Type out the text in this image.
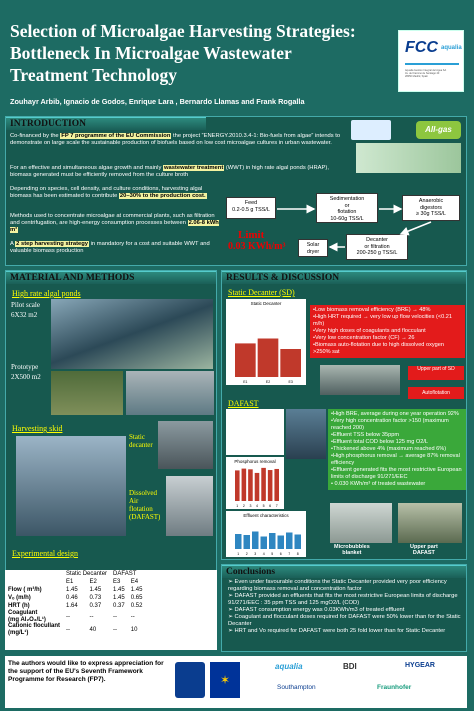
Selection of Microalgae Harvesting Strategies:
Bottleneck In Microalgae Wastewater
Treatment Technology
Zouhayr Arbib, Ignacio de Godos, Enrique Lara , Bernardo Llamas and Frank Rogalla
FCC aqualia
Aqualia Gestion Integral del Agua SA
Av. del Camino de Santiago 40
28050 Madrid, Spain
INTRODUCTION
Co-financed by the FP 7 programme of the EU Commission the project “ENERGY.2010.3.4-1: Bio-fuels from algae” intends to demonstrate on large scale the sustainable production of biofuels based on low cost microalgae cultures in urban wastewater.
For an effective and simultaneous algae growth and mainly wastewater treatment (WWT) in high rate algal ponds (HRAP), biomass generated must be efficiently removed from the culture broth
Depending on species, cell density, and culture conditions, harvesting algal biomass has been estimated to contribute 20–30% to the production cost.
Methods used to concentrate microalgae at commercial plants, such as filtration and centrifugation, are high-energy consumption processes between 2.06-8 kWh m³
A 2 step harvesting strategy in mandatory for a cost and suitable WWT and valuable biomass production
All-gas
Feed
0.2-0.5 g TSS/L
Sedimentation
or
flotation
10-60g TSS/L
Anaerobic
digestors
≥ 30g TSS/L
Decanter
or filtration
200-250 g TSS/L
Solar
dryer
Limit
0.03 KWh/m³
MATERIAL AND METHODS
High rate algal ponds
Pilot scale
6X32 m2
Prototype
2X500 m2
Harvesting skid
Static
decanter
Dissolved
Air
flotation
(DAFAST)
Experimental design
	Static Decanter		DAFAST	
	E1	E2	E3	E4
Flow ( m³/h)	1.45	1.45	1.45	1.45
Vₒ (m/h)	0.46	0.73	1.45	0.65
HRT (h)	1.64	0.37	0.37	0.52
Coagulant
(mg Al₂O₃/L¹)	--	--	--	--
Cationic flocullant
(mg/L¹)	--	40	--	10
RESULTS & DISCUSSION
Static Decanter (SD)
Static Decanter
E1	E2	E3
•Low biomass removal efficiency (BRE) → 48%
•High HRT required → very low up flow velocities (<0.21 m/h)
•Very high doses of coagulants and flocculant
•Very low concentration factor (CF) → 26
•Biomass auto-flotation due to high dissolved oxygen >250% sat
Upper part of SD
Autoflotation
DAFAST
Phosphorus removal
1 2 3 4 5 6 7
Effluent characteristics
1 2 3 4 5 6 7 8
•High BRE, average during one year operation 92%
•Very high concentration factor >150 (maximum reached 200)
•Effluent TSS below 35ppm
•Effluent total COD below 125 mg O2/L
•Thickened above 4% (maximum reached 6%)
•High phosphorus removal → average 87% removal efficiency
•Effluent generated fits the most restrictive European limits of discharge 91/271/EEC
• 0.030 KWh/m³ of treated wastewater
Microbubbles
blanket
Upper part
DAFAST
Conclusions
➢ Even under favourable conditions the Static Decanter provided very poor efficiency regarding biomass removal and concentration factor
➢ DAFAST provided an effluents that fits the most restrictive European limits of discharge 91/271/EEC : 35 ppm TSS and 125 mgO2/L (COD)
➢ DAFAST consumption energy was 0.03KWh/m3 of treated effluent
➢ Coagulant and flocculant doses required for DAFAST were 50% lower than for the Static Decanter
➢ HRT and Vo required for DAFAST were both 25 fold lower than for Static Decanter
The authors would like to express appreciation for the support of the EU's Seventh Framework Programme for Research (FP7).	✶
aqualia	BDI	HYGEAR
Southampton	Fraunhofer
